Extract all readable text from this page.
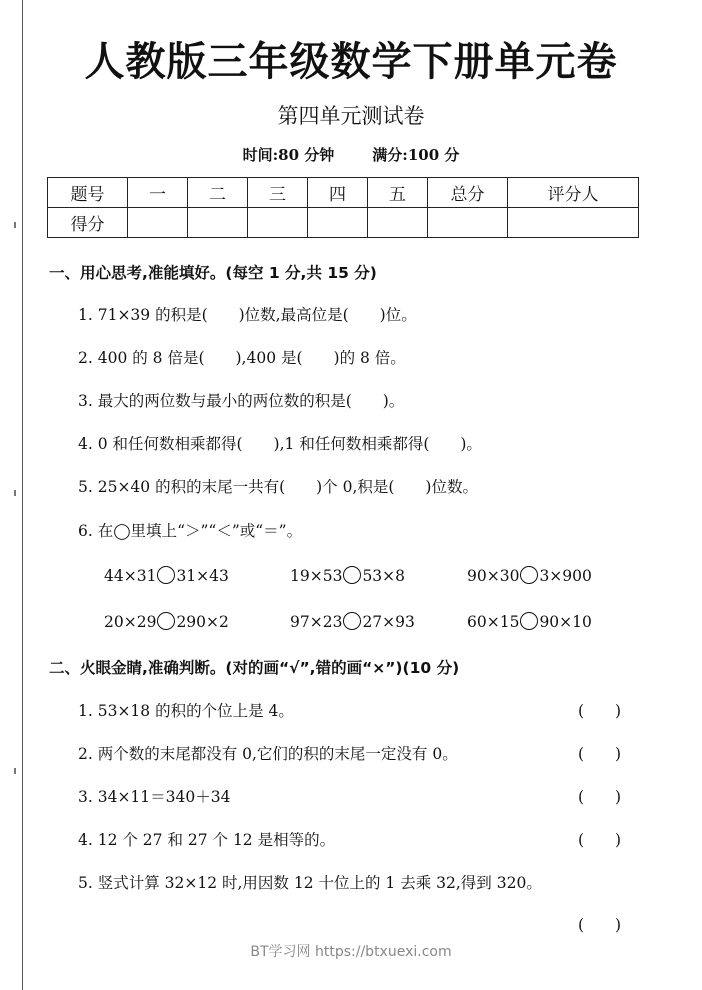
人教版三年级数学下册单元卷
第四单元测试卷
时间:80 分钟	满分:100 分
题号	一	二	三	四	五	总分	评分人
得分							
一、用心思考,准能填好。(每空 1 分,共 15 分)
1. 71×39 的积是(　　)位数,最高位是(　　)位。
2. 400 的 8 倍是(　　),400 是(　　)的 8 倍。
3. 最大的两位数与最小的两位数的积是(　　)。
4. 0 和任何数相乘都得(　　),1 和任何数相乘都得(　　)。
5. 25×40 的积的末尾一共有(　　)个 0,积是(　　)位数。
6. 在◯里填上“＞”“＜”或“＝”。
44×31 31×43	19×53 53×8	90×30 3×900
20×29 290×2	97×23 27×93	60×15 90×10
二、火眼金睛,准确判断。(对的画“√”,错的画“×”)(10 分)
1. 53×18 的积的个位上是 4。	(　　)
2. 两个数的末尾都没有 0,它们的积的末尾一定没有 0。	(　　)
3. 34×11＝340＋34	(　　)
4. 12 个 27 和 27 个 12 是相等的。	(　　)
5. 竖式计算 32×12 时,用因数 12 十位上的 1 去乘 32,得到 320。
(　　)
BT学习网 https://btxuexi.com
